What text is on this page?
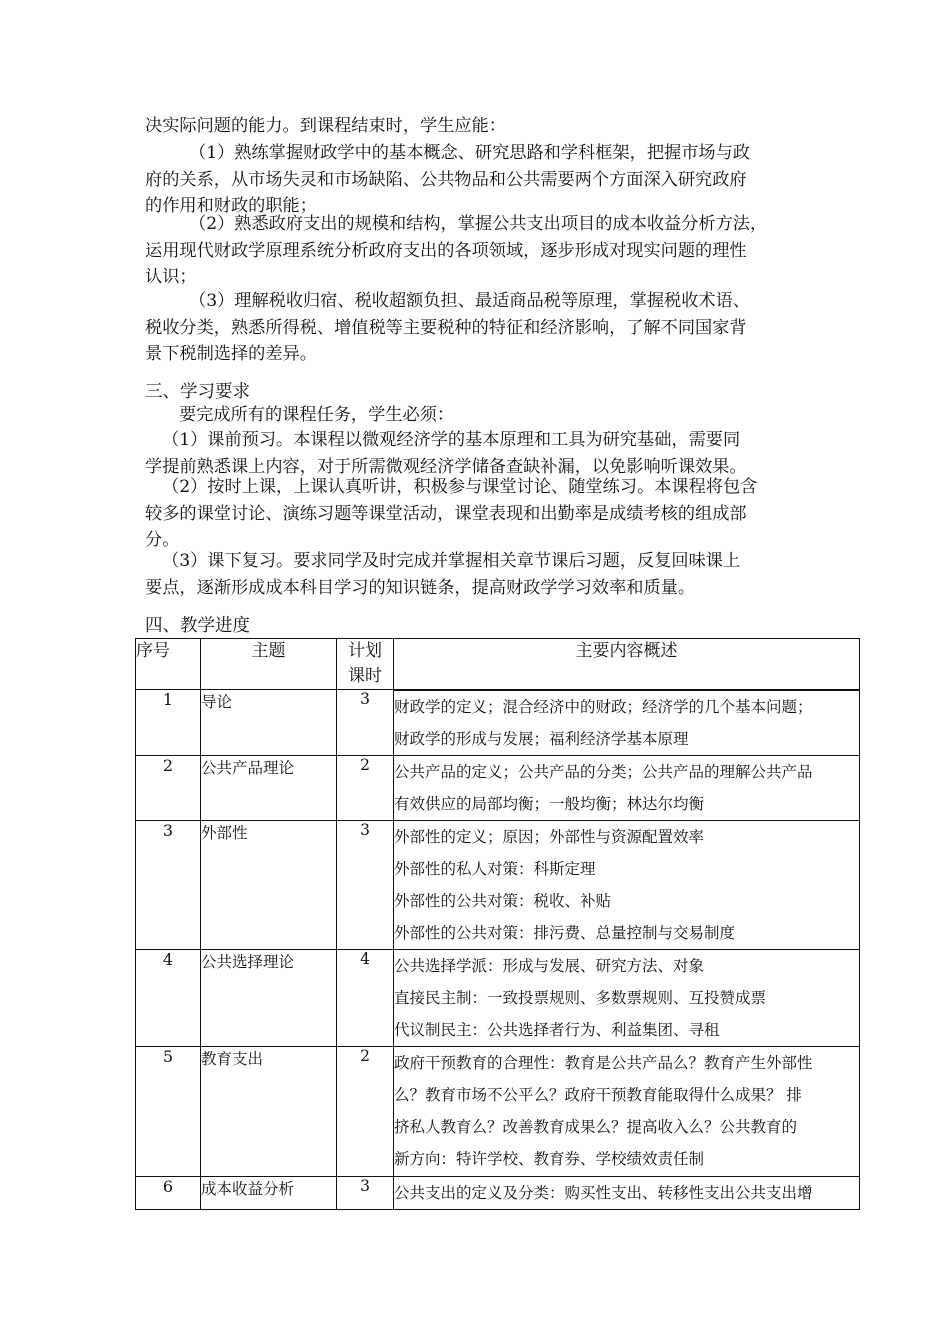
决实际问题的能力。到课程结束时，学生应能：

（1）熟练掌握财政学中的基本概念、研究思路和学科框架，把握市场与政
府的关系，从市场失灵和市场缺陷、公共物品和公共需要两个方面深入研究政府
的作用和财政的职能；

（2）熟悉政府支出的规模和结构，掌握公共支出项目的成本收益分析方法，
运用现代财政学原理系统分析政府支出的各项领域，逐步形成对现实问题的理性
认识；

（3）理解税收归宿、税收超额负担、最适商品税等原理，掌握税收术语、
税收分类，熟悉所得税、增值税等主要税种的特征和经济影响，了解不同国家背
景下税制选择的差异。

三、学习要求

要完成所有的课程任务，学生必须：

（1）课前预习。本课程以微观经济学的基本原理和工具为研究基础，需要同
学提前熟悉课上内容，对于所需微观经济学储备查缺补漏，以免影响听课效果。

（2）按时上课，上课认真听讲，积极参与课堂讨论、随堂练习。本课程将包含
较多的课堂讨论、演练习题等课堂活动，课堂表现和出勤率是成绩考核的组成部
分。

（3）课下复习。要求同学及时完成并掌握相关章节课后习题，反复回味课上
要点，逐渐形成成本科目学习的知识链条，提高财政学学习效率和质量。

四、教学进度

序号	主题	计划
课时	主要内容概述
1	导论	3	财政学的定义；混合经济中的财政；经济学的几个基本问题；
财政学的形成与发展；福利经济学基本原理

2	公共产品理论	2	公共产品的定义；公共产品的分类；公共产品的理解公共产品
有效供应的局部均衡；一般均衡；林达尔均衡

3	外部性	3	外部性的定义；原因；外部性与资源配置效率
外部性的私人对策：科斯定理
外部性的公共对策：税收、补贴
外部性的公共对策：排污费、总量控制与交易制度

4	公共选择理论	4	公共选择学派：形成与发展、研究方法、对象
直接民主制：一致投票规则、多数票规则、互投赞成票
代议制民主：公共选择者行为、利益集团、寻租

5	教育支出	2	政府干预教育的合理性：教育是公共产品么？教育产生外部性
么？教育市场不公平么？政府干预教育能取得什么成果？ 排
挤私人教育么？改善教育成果么？提高收入么？公共教育的
新方向：特许学校、教育券、学校绩效责任制

6	成本收益分析	3	公共支出的定义及分类：购买性支出、转移性支出公共支出增
